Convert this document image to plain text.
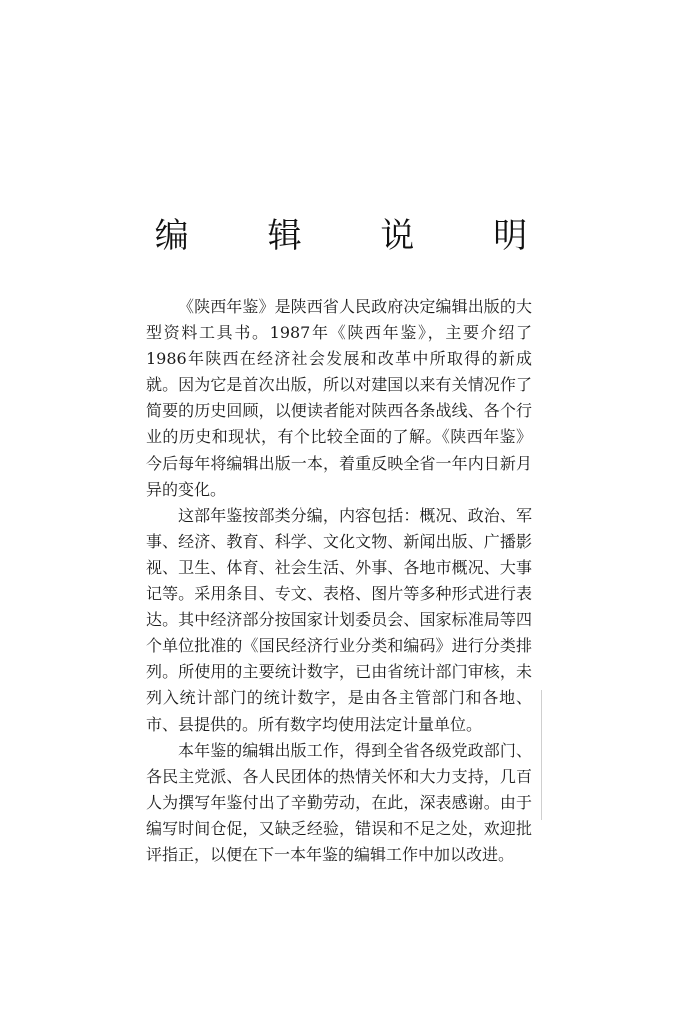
编 辑 说 明

《陕西年鉴》是陕西省人民政府决定编辑出版的大型资料工具书。1987年《陕西年鉴》，主要介绍了1986年陕西在经济社会发展和改革中所取得的新成就。因为它是首次出版，所以对建国以来有关情况作了简要的历史回顾，以便读者能对陕西各条战线、各个行业的历史和现状，有个比较全面的了解。《陕西年鉴》今后每年将编辑出版一本，着重反映全省一年内日新月异的变化。

这部年鉴按部类分编，内容包括：概况、政治、军事、经济、教育、科学、文化文物、新闻出版、广播影视、卫生、体育、社会生活、外事、各地市概况、大事记等。采用条目、专文、表格、图片等多种形式进行表达。其中经济部分按国家计划委员会、国家标准局等四个单位批准的《国民经济行业分类和编码》进行分类排列。所使用的主要统计数字，已由省统计部门审核，未列入统计部门的统计数字，是由各主管部门和各地、市、县提供的。所有数字均使用法定计量单位。

本年鉴的编辑出版工作，得到全省各级党政部门、各民主党派、各人民团体的热情关怀和大力支持，几百人为撰写年鉴付出了辛勤劳动，在此，深表感谢。由于编写时间仓促，又缺乏经验，错误和不足之处，欢迎批评指正，以便在下一本年鉴的编辑工作中加以改进。
